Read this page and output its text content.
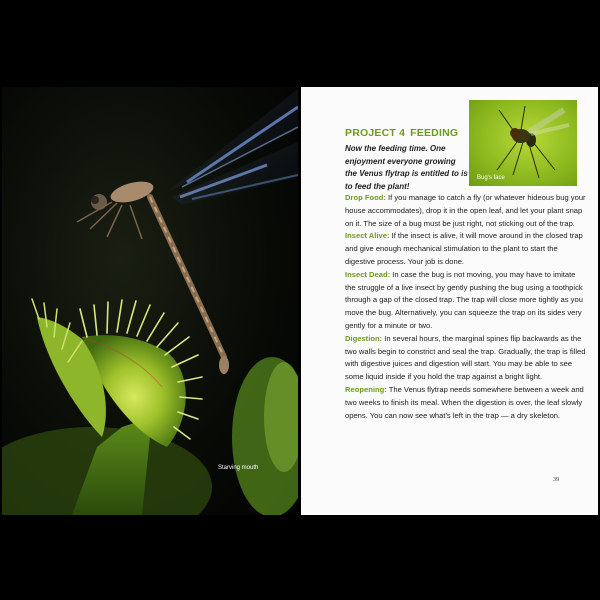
Starving mouth
Bug's face
PROJECT 4 FEEDING
Now the feeding time. One enjoyment everyone growing the Venus flytrap is entitled to is to feed the plant!

Drop Food: If you manage to catch a fly (or whatever hideous bug your house accommodates), drop it in the open leaf, and let your plant snap on it. The size of a bug must be just right, not sticking out of the trap.

Insect Alive: If the insect is alive, it will move around in the closed trap and give enough mechanical stimulation to the plant to start the digestive process. Your job is done.

Insect Dead: In case the bug is not moving, you may have to imitate the struggle of a live insect by gently pushing the bug using a toothpick through a gap of the closed trap. The trap will close more tightly as you move the bug. Alternatively, you can squeeze the trap on its sides very gently for a minute or two.

Digestion: In several hours, the marginal spines flip backwards as the two walls begin to constrict and seal the trap. Gradually, the trap is filled with digestive juices and digestion will start. You may be able to see some liquid inside if you hold the trap against a bright light.

Reopening: The Venus flytrap needs somewhere between a week and two weeks to finish its meal. When the digestion is over, the leaf slowly opens. You can now see what's left in the trap — a dry skeleton.

39
